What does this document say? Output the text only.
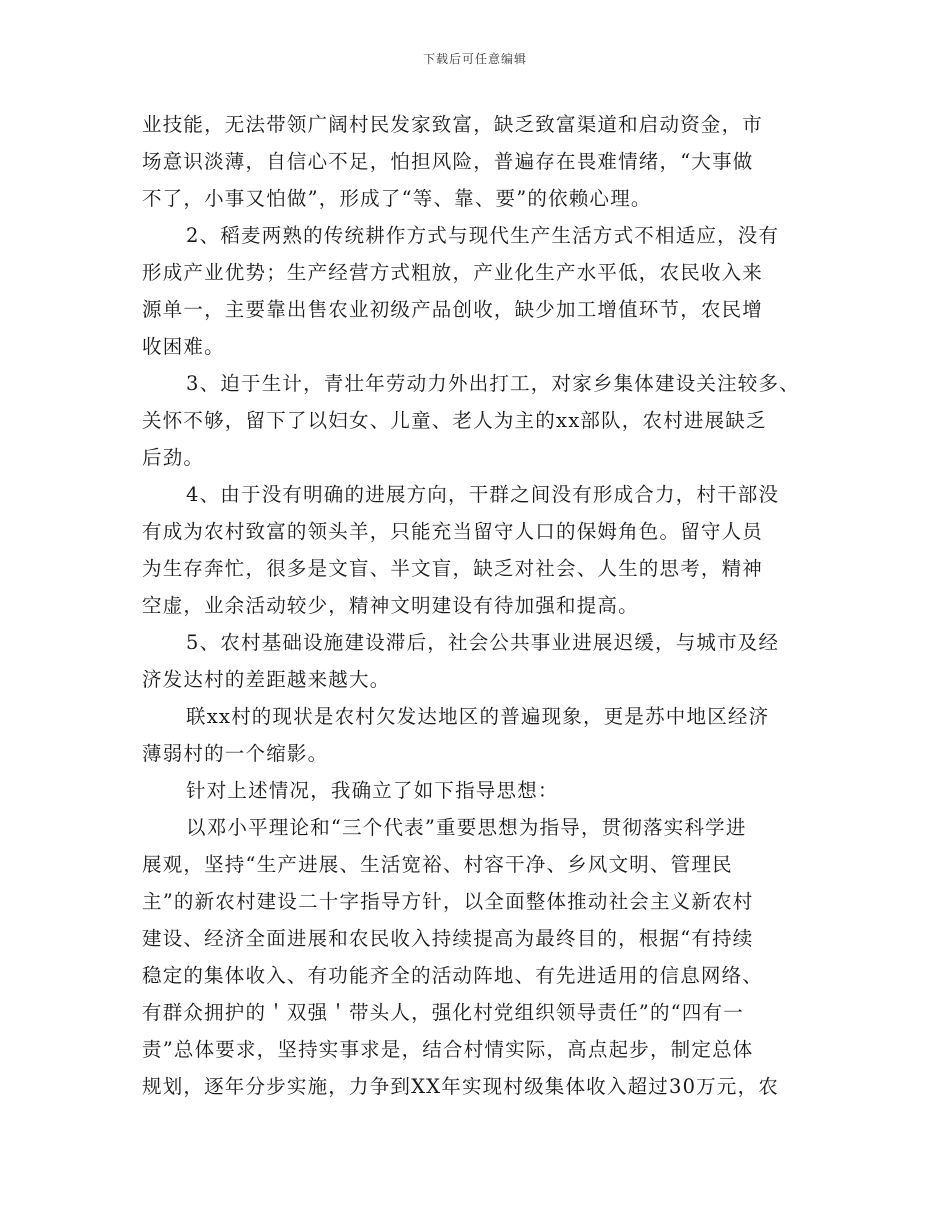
下载后可任意编辑
业技能，无法带领广阔村民发家致富，缺乏致富渠道和启动资金，市
场意识淡薄，自信心不足，怕担风险，普遍存在畏难情绪，“大事做
不了，小事又怕做”，形成了“等、靠、要”的依赖心理。
2、稻麦两熟的传统耕作方式与现代生产生活方式不相适应，没有
形成产业优势；生产经营方式粗放，产业化生产水平低，农民收入来
源单一，主要靠出售农业初级产品创收，缺少加工增值环节，农民增
收困难。
3、迫于生计，青壮年劳动力外出打工，对家乡集体建设关注较多、
关怀不够，留下了以妇女、儿童、老人为主的xx部队，农村进展缺乏
后劲。
4、由于没有明确的进展方向，干群之间没有形成合力，村干部没
有成为农村致富的领头羊，只能充当留守人口的保姆角色。留守人员
为生存奔忙，很多是文盲、半文盲，缺乏对社会、人生的思考，精神
空虚，业余活动较少，精神文明建设有待加强和提高。
5、农村基础设施建设滞后，社会公共事业进展迟缓，与城市及经
济发达村的差距越来越大。
联xx村的现状是农村欠发达地区的普遍现象，更是苏中地区经济
薄弱村的一个缩影。
针对上述情况，我确立了如下指导思想：
以邓小平理论和“三个代表”重要思想为指导，贯彻落实科学进
展观，坚持“生产进展、生活宽裕、村容干净、乡风文明、管理民
主”的新农村建设二十字指导方针，以全面整体推动社会主义新农村
建设、经济全面进展和农民收入持续提高为最终目的，根据“有持续
稳定的集体收入、有功能齐全的活动阵地、有先进适用的信息网络、
有群众拥护的＇双强＇带头人，强化村党组织领导责任”的“四有一
责”总体要求，坚持实事求是，结合村情实际，高点起步，制定总体
规划，逐年分步实施，力争到XX年实现村级集体收入超过30万元，农
